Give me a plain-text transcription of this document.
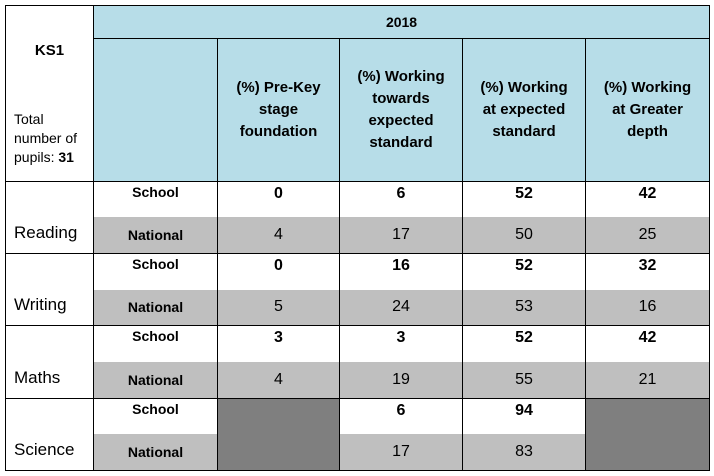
KS1
Total number of pupils: 31	2018				
		(%) Pre-Key stage foundation	(%) Working towards expected standard	(%) Working at expected standard	(%) Working at Greater depth
Reading	School	0	6	52	42
	National	4	17	50	25
Writing	School	0	16	52	32
	National	5	24	53	16
Maths	School	3	3	52	42
	National	4	19	55	21
Science	School		6	94	
	National		17	83	
